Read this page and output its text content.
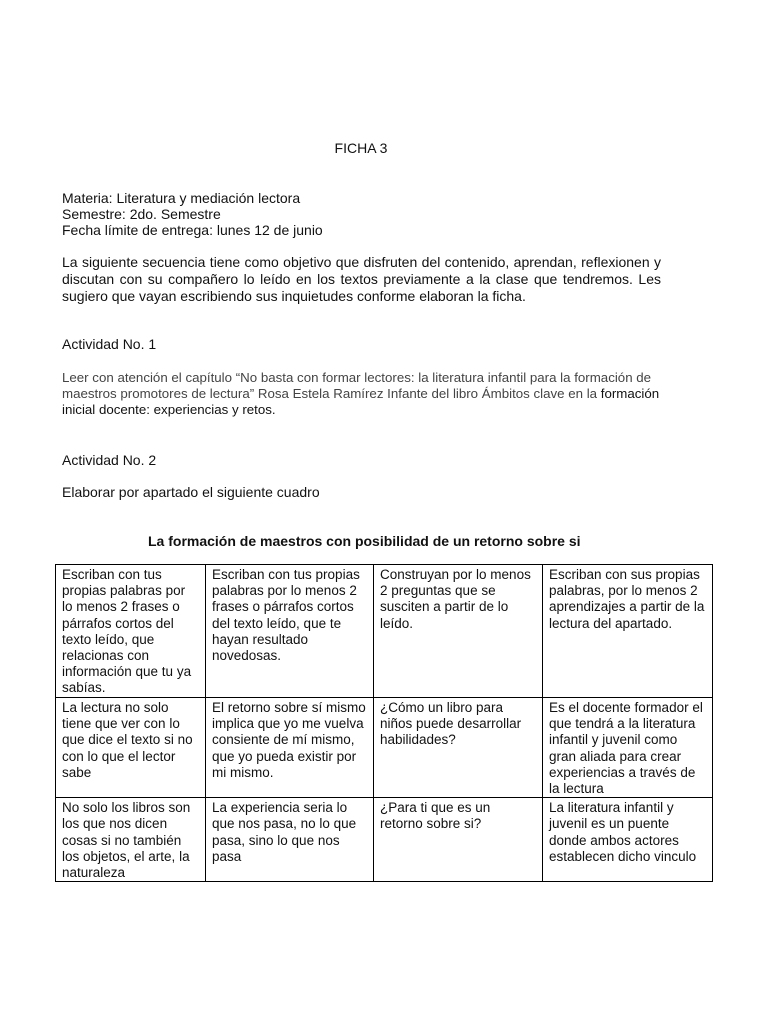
FICHA 3
Materia: Literatura y mediación lectora
Semestre: 2do. Semestre
Fecha límite de entrega: lunes 12 de junio
La siguiente secuencia tiene como objetivo que disfruten del contenido, aprendan, reflexionen y discutan con su compañero lo leído en los textos previamente a la clase que tendremos. Les sugiero que vayan escribiendo sus inquietudes conforme elaboran la ficha.
Actividad No. 1
Leer con atención el capítulo “No basta con formar lectores: la literatura infantil para la formación de maestros promotores de lectura” Rosa Estela Ramírez Infante del libro Ámbitos clave en la formación inicial docente: experiencias y retos.
Actividad No. 2
Elaborar por apartado el siguiente cuadro
La formación de maestros con posibilidad de un retorno sobre si
Escriban con tus propias palabras por lo menos 2 frases o párrafos cortos del texto leído, que relacionas con información que tu ya sabías.	Escriban con tus propias palabras por lo menos 2 frases o párrafos cortos del texto leído, que te hayan resultado novedosas.	Construyan por lo menos 2 preguntas que se susciten a partir de lo leído.	Escriban con sus propias palabras, por lo menos 2 aprendizajes a partir de la lectura del apartado.
La lectura no solo tiene que ver con lo que dice el texto si no con lo que el lector sabe	El retorno sobre sí mismo implica que yo me vuelva consiente de mí mismo, que yo pueda existir por mi mismo.	¿Cómo un libro para niños puede desarrollar habilidades?	Es el docente formador el que tendrá a la literatura infantil y juvenil como gran aliada para crear experiencias a través de la lectura
No solo los libros son los que nos dicen cosas si no también los objetos, el arte, la naturaleza	La experiencia seria lo que nos pasa, no lo que pasa, sino lo que nos pasa	¿Para ti que es un retorno sobre si?	La literatura infantil y juvenil es un puente donde ambos actores establecen dicho vinculo
